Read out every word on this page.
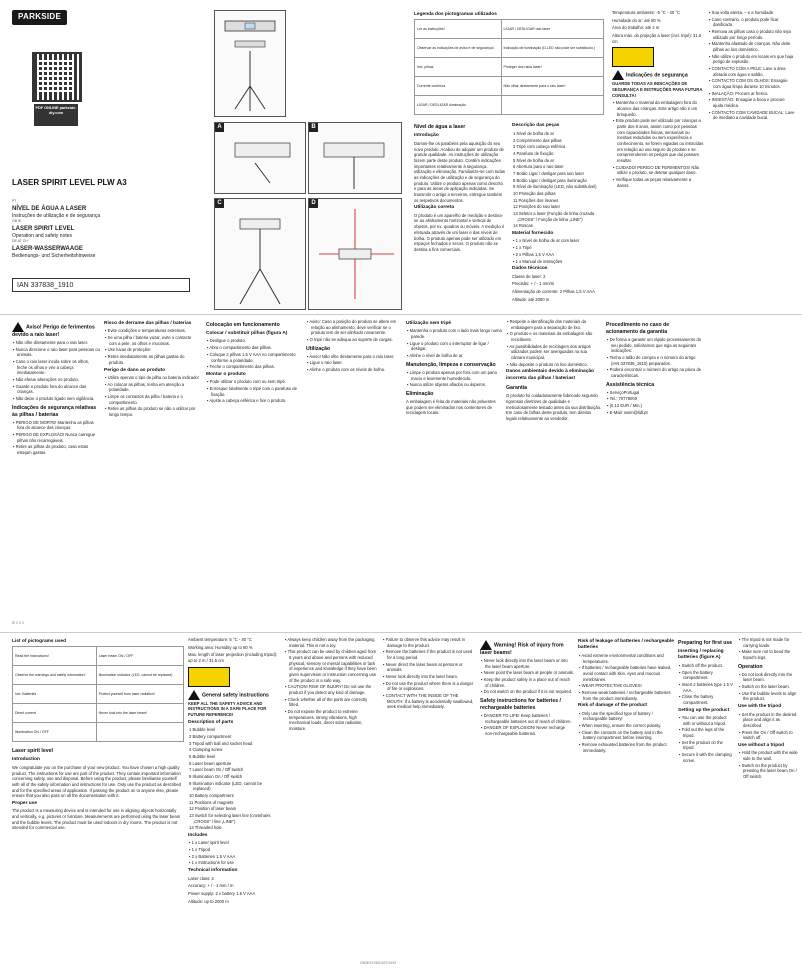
PARKSIDE
PDF ONLINE parkside-diy.com
LASER SPIRIT LEVEL PLW A3
PT
NÍVEL DE ÁGUA A LASER
Instruções de utilização e de segurança
GB IE
LASER SPIRIT LEVEL
Operation and safety notes
DE AT CH
LASER-WASSERWAAGE
Bedienungs- und Sicherheitshinweise
IAN 337838_1910
A	B
C	D
Legenda dos pictogramas utilizados
Ler as instruções!	LIGAR / DESLIGAR raio laser
Observar as indicações de aviso e de segurança!	Indicação de iluminação (D-LED não pode ser substituído.)
Incl. pilhas	Proteger dos raios laser!
Corrente contínua	Não olhar diretamente para o raio laser!
LIGAR / DESLIGAR iluminação	
Nível de água a laser
Introdução
Damos-lhe os parabéns pela aquisição do seu novo produto. Acabou de adquirir um produto de grande qualidade. As instruções de utilização fazem parte deste produto. Contêm indicações importantes relativamente à segurança, utilização e eliminação. Familiarize-se com todas as indicações de utilização e de segurança do produto. Utilize o produto apenas como descrito e para as áreas de aplicação indicadas. Se transmitir o artigo a terceiros, entregue também os respetivos documentos.
Utilização correta
O produto é um aparelho de medição e destina-se ao alinhamento horizontal e vertical de objetos, por ex. quadros ou móveis. A medição é efetuada através de um laser e das níveis de bolha. O produto apenas pode ser utilizado em espaços fechados e secos. O produto não se destina a fins comerciais.
Descrição das peças
1 Nível de bolha de ar
2 Comprimento das pilhas
3 Tripé com cabeça esférica
4 Parafuso de fixação
5 Nível de bolha de ar
6 Abertura para o raio laser
7 Botão Ligar / desligar para raio laser
8 Botão Ligar / desligar para iluminação
9 Nível de iluminação (LED, não substituível)
10 Proteção das pilhas
11 Posições dos ímanes
12 Posições do raio laser
13 Seletor a laser (Função de linha cruzada „CROSS“ / Função de linha „LINE“)
14 Roscas
Material fornecido
▪ 1 x Nível de bolha de ar com laser
▪ 1 x Tripé
▪ 2 x Pilhas 1,5 V AAA
▪ 1 x Manual de instruções
Dados técnicos
Classe de laser: 2
Precisão: + / - 1 mm/m
Alimentação de corrente: 2 Pilhas 1,5 V AAA
Altitude: até 2000 m
Temperatura ambiente: -5 °C - 40 °C
Humidade do ar: até 80 %
Área do trabalho: até 2 m
Altura máx. do projeção a laser (incl. tripé): 31,5 cm
Indicações de segurança
GUARDE TODAS AS INDICAÇÕES DE SEGURANÇA E INSTRUÇÕES PARA FUTURA CONSULTA!
▪ Mantenha o material da embalagem fora do alcance das crianças. Este artigo não é um brinquedo.
▪ Este produto pode ser utilizado por crianças a partir dos 8 anos, assim como por pessoas com capacidades físicas, sensoriais ou mentais reduzidas ou sem experiência e conhecimento, se forem vigiadas ou instruídas em relação ao uso seguro do produto e se compreenderem os perigos que daí possam resultar.
▪ CUIDADO! PERIGO DE FERIMENTOS! Não utilize o produto, se detetar qualquer dano.
▪ Verifique todas as peças relativamente a danos.
▪ Sua volta atenta, – e a humidade.
▪ Caso contrário, o produto pode ficar danificado.
▪ Remova as pilhas caso o produto não seja utilizado por longo período.
▪ Mantenha afastado de crianças. Não deite pilhas ao lixo doméstico.
▪ Não utilize o produto em locais em que haja perigo de explosão.
▪ CONTACTO COM A PELE: Lave a área afetada com água e sabão.
▪ CONTACTO COM OS OLHOS: Enxagúe com água limpa durante 10 minutos.
▪ INALAÇÃO: Procure ar fresco.
▪ INGESTÃO: Enxagúe a boca e procure ajuda médica.
▪ CONTACTO COM CAVIDADE BUCAL: Lave de imediato a cavidade bucal.
Aviso! Perigo de ferimentos devido a raio laser!
▪ Não olhe diretamente para o raio laser.
▪ Nunca direcione o raio laser para pessoas ou animais.
▪ Caso o raio laser incida sobre os olhos, feche os olhos e vire a cabeça imediatamente.
▪ Não efetue alterações no produto.
▪ Guarde o produto fora do alcance das crianças.
▪ Não deixe o produto ligado sem vigilância.
Indicações de segurança relativas às pilhas / baterias
▪ PERIGO DE MORTE! Mantenha as pilhas fora do alcance das crianças.
▪ PERIGO DE EXPLOSÃO! Nunca carregue pilhas não recarregáveis.
▪ Retire as pilhas do produto, caso estas estejam gastas.
Risco de derrame das pilhas / baterias
▪ Evite condições e temperaturas extremas.
▪ Se uma pilha / bateria vazar, evite o contacto com a pele, os olhos e mucosas.
▪ Use luvas de proteção!
▪ Retire imediatamente as pilhas gastas do produto.
Perigo de dano ao produto
▪ Utilize apenas o tipo de pilha ou bateria indicado!
▪ Ao colocar as pilhas, tenha em atenção a polaridade.
▪ Limpe os contactos da pilha / bateria e o compartimento.
▪ Retire as pilhas do produto se não o utilizar por longo tempo.
Colocação em funcionamento
Colocar / substituir pilhas (figura A)
▪ Desligue o produto.
▪ Abra o compartimento das pilhas.
▪ Coloque 2 pilhas 1,5 V AAA no compartimento conforme a polaridade.
▪ Feche o compartimento das pilhas.
Montar o produto
▪ Pode utilizar o produto com ou sem tripé.
▪ Enrosque totalmente o tripé com o parafuso de fixação.
▪ Ajuste a cabeça esférica e fixe o produto.
▪ Aviso: Caso a posição do produto se altere em relação ao alinhamento, deve verificar se o produto tem de ser alinhado novamente.
▪ O tripé não se adequa ao suporte de cargas.
Utilização
▪ Aviso! Não olhe diretamente para o raio laser.
▪ Ligue o raio laser.
▪ Alinhe o produto com os níveis de bolha.
Utilização sem tripé
▪ Mantenha o produto com o lado mais longo numa parede.
▪ Ligue o produto com o interruptor de ligar / desligar.
▪ Alinhe o nível de bolha de ar.
Manutenção, limpeza e conservação
▪ Limpe o produto apenas por fora com um pano macio e levemente humedecido.
▪ Nunca utilize objetos afiados ou ásperos.
Eliminação
A embalagem é feita de materiais não poluentes que podem ser eliminados nos contentores de reciclagem locais.
▪ Respeite a identificação dos materiais da embalagem para a separação de lixo.
▪ O produto e os materiais da embalagem são recicláveis.
▪ As possibilidades de reciclagem dos artigos utilizados podem ser averiguadas na sua câmara municipal.
▪ Não deposite o produto no lixo doméstico.
Danos ambientais devido à eliminação incorreta das pilhas / baterias!
Garantia
O produto foi cuidadosamente fabricado segundo rigorosas diretrizes de qualidade e meticulosamente testado antes da sua distribuição. Em caso de falhas deste produto, tem direitos legais relativamente ao vendedor.
Procedimento no caso de acionamento da garantia
▪ De forma a garantir um rápido processamento do seu pedido, solicitamos que siga as seguintes indicações:
▪ Tenha o talão de compra e o número do artigo (IAN 337838_1910) preparados.
▪ Poderá encontrar o número do artigo na placa de características.
Assistência técnica
▪ ServiçoPortugal
▪ Tel.: 70778000
▪ (0,12 EUR / Min.)
▪ E-Mail: owim@lidl.pt
IE 0 X 2
List of pictograms used
Read the instructions!	Laser beam ON / OFF
Observe the warnings and safety information!	Illumination indicator (LED, cannot be replaced)
Incl. Batteries	Protect yourself from laser radiation!
Direct current	Never look into the laser beam!
Illumination ON / OFF	
Laser spirit level
Introduction
We congratulate you on the purchase of your new product. You have chosen a high quality product. The instructions for use are part of the product. They contain important information concerning safety, use and disposal. Before using the product, please familiarise yourself with all of the safety information and instructions for use. Only use the product as described and for the specified areas of application. If passing the product on to anyone else, please ensure that you also pass on all the documentation with it.
Proper use
The product is a measuring device and is intended for use in aligning objects horizontally and vertically, e.g. pictures or furniture. Measurements are performed using the laser beam and the bubble levels. The product must be used indoors in dry rooms. The product is not intended for commercial use.
Ambient temperature: 5 °C - 40 °C
Working area: Humidity up to 80 %
Max. length of laser projection (including tripod): up to 2 m / 31.5 cm
General safety instructions
KEEP ALL THE SAFETY ADVICE AND INSTRUCTIONS IN A SAFE PLACE FOR FUTURE REFERENCE!
Description of parts
1 Bubble level
2 Battery compartment
3 Tripod with ball and socket head
4 Clamping screw
5 Bubble level
6 Laser beam aperture
7 Laser beam On / Off switch
8 Illumination On / Off switch
9 Illumination indicator (LED, cannot be replaced)
10 Battery compartment
11 Positions of magnets
12 Position of laser beam
13 Switch for selecting laser line (crosshairs „CROSS“ / line „LINE“)
14 Threaded hole
Includes
▪ 1 x Laser spirit level
▪ 1 x Tripod
▪ 2 x Batteries 1.5 V AAA
▪ 1 x Instructions for use
Technical information
Laser class: 2
Accuracy: + / - 1 mm / m
Power supply: 2 x battery 1.5 V AAA
Altitude: up to 2000 m
▪ Always keep children away from the packaging material. This is not a toy.
▪ This product can be used by children aged from 8 years and above and persons with reduced physical, sensory or mental capabilities or lack of experience and knowledge if they have been given supervision or instruction concerning use of the product in a safe way.
▪ CAUTION! RISK OF INJURY! Do not use the product if you detect any kind of damage.
▪ Check whether all of the parts are correctly fitted.
▪ Do not expose the product to extreme temperatures, strong vibrations, high mechanical loads, direct solar radiation, moisture.
▪ Failure to observe this advice may result in damage to the product.
▪ Remove the batteries if the product is not used for a long period.
▪ Never direct the laser beam at persons or animals.
▪ Never look directly into the laser beam.
▪ Do not use the product where there is a danger of fire or explosions.
▪ CONTACT WITH THE INSIDE OF THE MOUTH: If a battery is accidentally swallowed, seek medical help immediately.
Warning! Risk of injury from laser beams!
▪ Never look directly into the laser beam or into the laser beam aperture.
▪ Never point the laser beam at people or animals.
▪ Keep the product safely in a place out of reach of children.
▪ Do not switch on the product if it is not required.
Safety instructions for batteries / rechargeable batteries
▪ DANGER TO LIFE! Keep batteries / rechargeable batteries out of reach of children.
▪ DANGER OF EXPLOSION! Never recharge non-rechargeable batteries.
Risk of leakage of batteries / rechargeable batteries
▪ Avoid extreme environmental conditions and temperatures.
▪ If batteries / rechargeable batteries have leaked, avoid contact with skin, eyes and mucous membranes.
▪ WEAR PROTECTIVE GLOVES!
▪ Remove weak batteries / rechargeable batteries from the product immediately.
Risk of damage of the product
▪ Only use the specified type of battery / rechargeable battery!
▪ When inserting, ensure the correct polarity.
▪ Clean the contacts on the battery and in the battery compartment before inserting.
▪ Remove exhausted batteries from the product immediately.
Preparing for first use
Inserting / replacing batteries (figure A)
▪ Switch off the product.
▪ Open the battery compartment.
▪ Insert 2 batteries type 1.5 V AAA.
▪ Close the battery compartment.
Setting up the product
▪ You can use the product with or without a tripod.
▪ Fold out the legs of the tripod.
▪ Set the product on the tripod.
▪ Secure it with the clamping screw.
▪ The tripod is not made for carrying loads.
▪ Make sure not to bend the tripod’s legs.
Operation
▪ Do not look directly into the laser beam.
▪ Switch on the laser beam.
▪ Use the bubble levels to align the product.
Use with the tripod
▪ Set the product in the desired place and align it as described.
▪ Press the On / Off switch to switch off.
Use without a tripod
▪ Hold the product with the wide side to the wall.
▪ Switch on the product by pressing the laser beam On / Off switch.
GB/IE/CH/DE/AT/CH/AT
